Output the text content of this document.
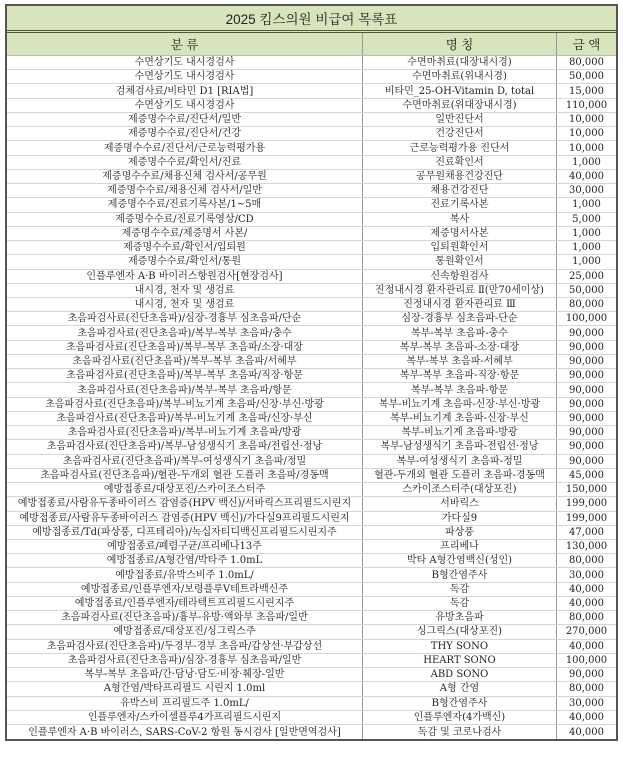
2025 킴스의원 비급여 목록표
분 류	명 칭	금 액
수면상기도 내시경검사	수면마취료(대장내시경)	80,000
수면상기도 내시경검사	수면마취료(위내시경)	50,000
검체검사료/비타민 D1 [RIA법]	비타민_25-OH-Vitamin D, total	15,000
수면상기도 내시경검사	수면마취료(위대장내시경)	110,000
제증명수수료/진단서/일반	일반진단서	10,000
제증명수수료/진단서/건강	건강진단서	10,000
제증명수수료/진단서/근로능력평가용	근로능력평가용 진단서	10,000
제증명수수료/확인서/진료	진료확인서	1,000
제증명수수료/채용신체 검사서/공무원	공무원채용건강진단	40,000
제증명수수료/채용신체 검사서/일반	채용건강진단	30,000
제증명수수료/진료기록사본/1~5매	진료기록사본	1,000
제증명수수료/진료기록영상/CD	복사	5,000
제증명수수료/제증명서 사본/	제증명서사본	1,000
제증명수수료/확인서/입퇴원	입퇴원확인서	1,000
제증명수수료/확인서/통원	통원확인서	1,000
인플루엔자 A·B 바이러스항원검사[현장검사]	신속항원검사	25,000
내시경, 천자 및 생검료	진정내시경 환자관리료 Ⅱ(만70세이상)	50,000
내시경, 천자 및 생검료	진정내시경 환자관리료 Ⅲ	80,000
초음파검사료(진단초음파)/심장-경흉부 심초음파/단순	심장-경흉부 심초음파-단순	100,000
초음파검사료(진단초음파)/복부-복부 초음파/충수	복부-복부 초음파-충수	90,000
초음파검사료(진단초음파)/복부-복부 초음파/소장·대장	복부-복부 초음파-소장·대장	90,000
초음파검사료(진단초음파)/복부-복부 초음파/서혜부	복부-복부 초음파-서혜부	90,000
초음파검사료(진단초음파)/복부-복부 초음파/직장·항문	복부-복부 초음파-직장·항문	90,000
초음파검사료(진단초음파)/복부-복부 초음파/항문	복부-복부 초음파-항문	90,000
초음파검사료(진단초음파)/복부-비뇨기계 초음파/신장·부신·방광	복부-비뇨기계 초음파-신장·부신·방광	90,000
초음파검사료(진단초음파)/복부-비뇨기계 초음파/신장·부신	복부-비뇨기계 초음파-신장·부신	90,000
초음파검사료(진단초음파)/복부-비뇨기계 초음파/방광	복부-비뇨기계 초음파-방광	90,000
초음파검사료(진단초음파)/복부-남성생식기 초음파/전립선·정낭	복부-남성생식기 초음파-전립선·정낭	90,000
초음파검사료(진단초음파)/복부-여성생식기 초음파/정밀	복부-여성생식기 초음파-정밀	90,000
초음파검사료(진단초음파)/혈관-두개외 혈관 도플러 초음파/경동맥	혈관-두개외 혈관 도플러 초음파-경동맥	45,000
예방접종료/대상포진/스카이조스터주	스카이조스터주(대상포진)	150,000
예방접종료/사람유두종바이러스 감염증(HPV 백신)/서바릭스프리필드시린지	서바릭스	199,000
예방접종료/사람유두종바이러스 감염증(HPV 백신)/가다실9프리필드시린지	가다실9	199,000
예방접종료/Td(파상풍, 디프테리아)/녹십자티디백신프리필드시린지주	파상풍	47,000
예방접종료/폐렴구균/프리베나13주	프리베나	130,000
예방접종료/A형간염/박타주 1.0mL	박타 A형간염백신(성인)	80,000
예방접종료/유박스비주 1.0mL/	B형간염주사	30,000
예방접종료/인플루엔자/보령플루V테트라백신주	독감	40,000
예방접종료/인플루엔자/테라텍트프리필드시린지주	독감	40,000
초음파검사료(진단초음파)/흉부-유방·액와부 초음파/일반	유방초음파	80,000
예방접종료/대상포진/싱그릭스주	싱그릭스(대상포진)	270,000
초음파검사료(진단초음파)/두경부-경부 초음파/갑상선·부갑상선	THY SONO	40,000
초음파검사료(진단초음파)/심장-경흉부 심초음파/일반	HEART SONO	100,000
복부-복부 초음파/간·담낭·담도·비장·췌장-일반	ABD SONO	90,000
A형간염/박타프리필드 시린지 1.0ml	A형 간염	80,000
유박스비 프리필드주 1.0mL/	B형간염주사	30,000
인플루엔자/스카이셀플루4가프리필드시린지	인플루엔자(4가백신)	40,000
인플루엔자 A·B 바이러스, SARS-CoV-2 항원 동시검사 [일반면역검사]	독감 및 코로나검사	40,000
